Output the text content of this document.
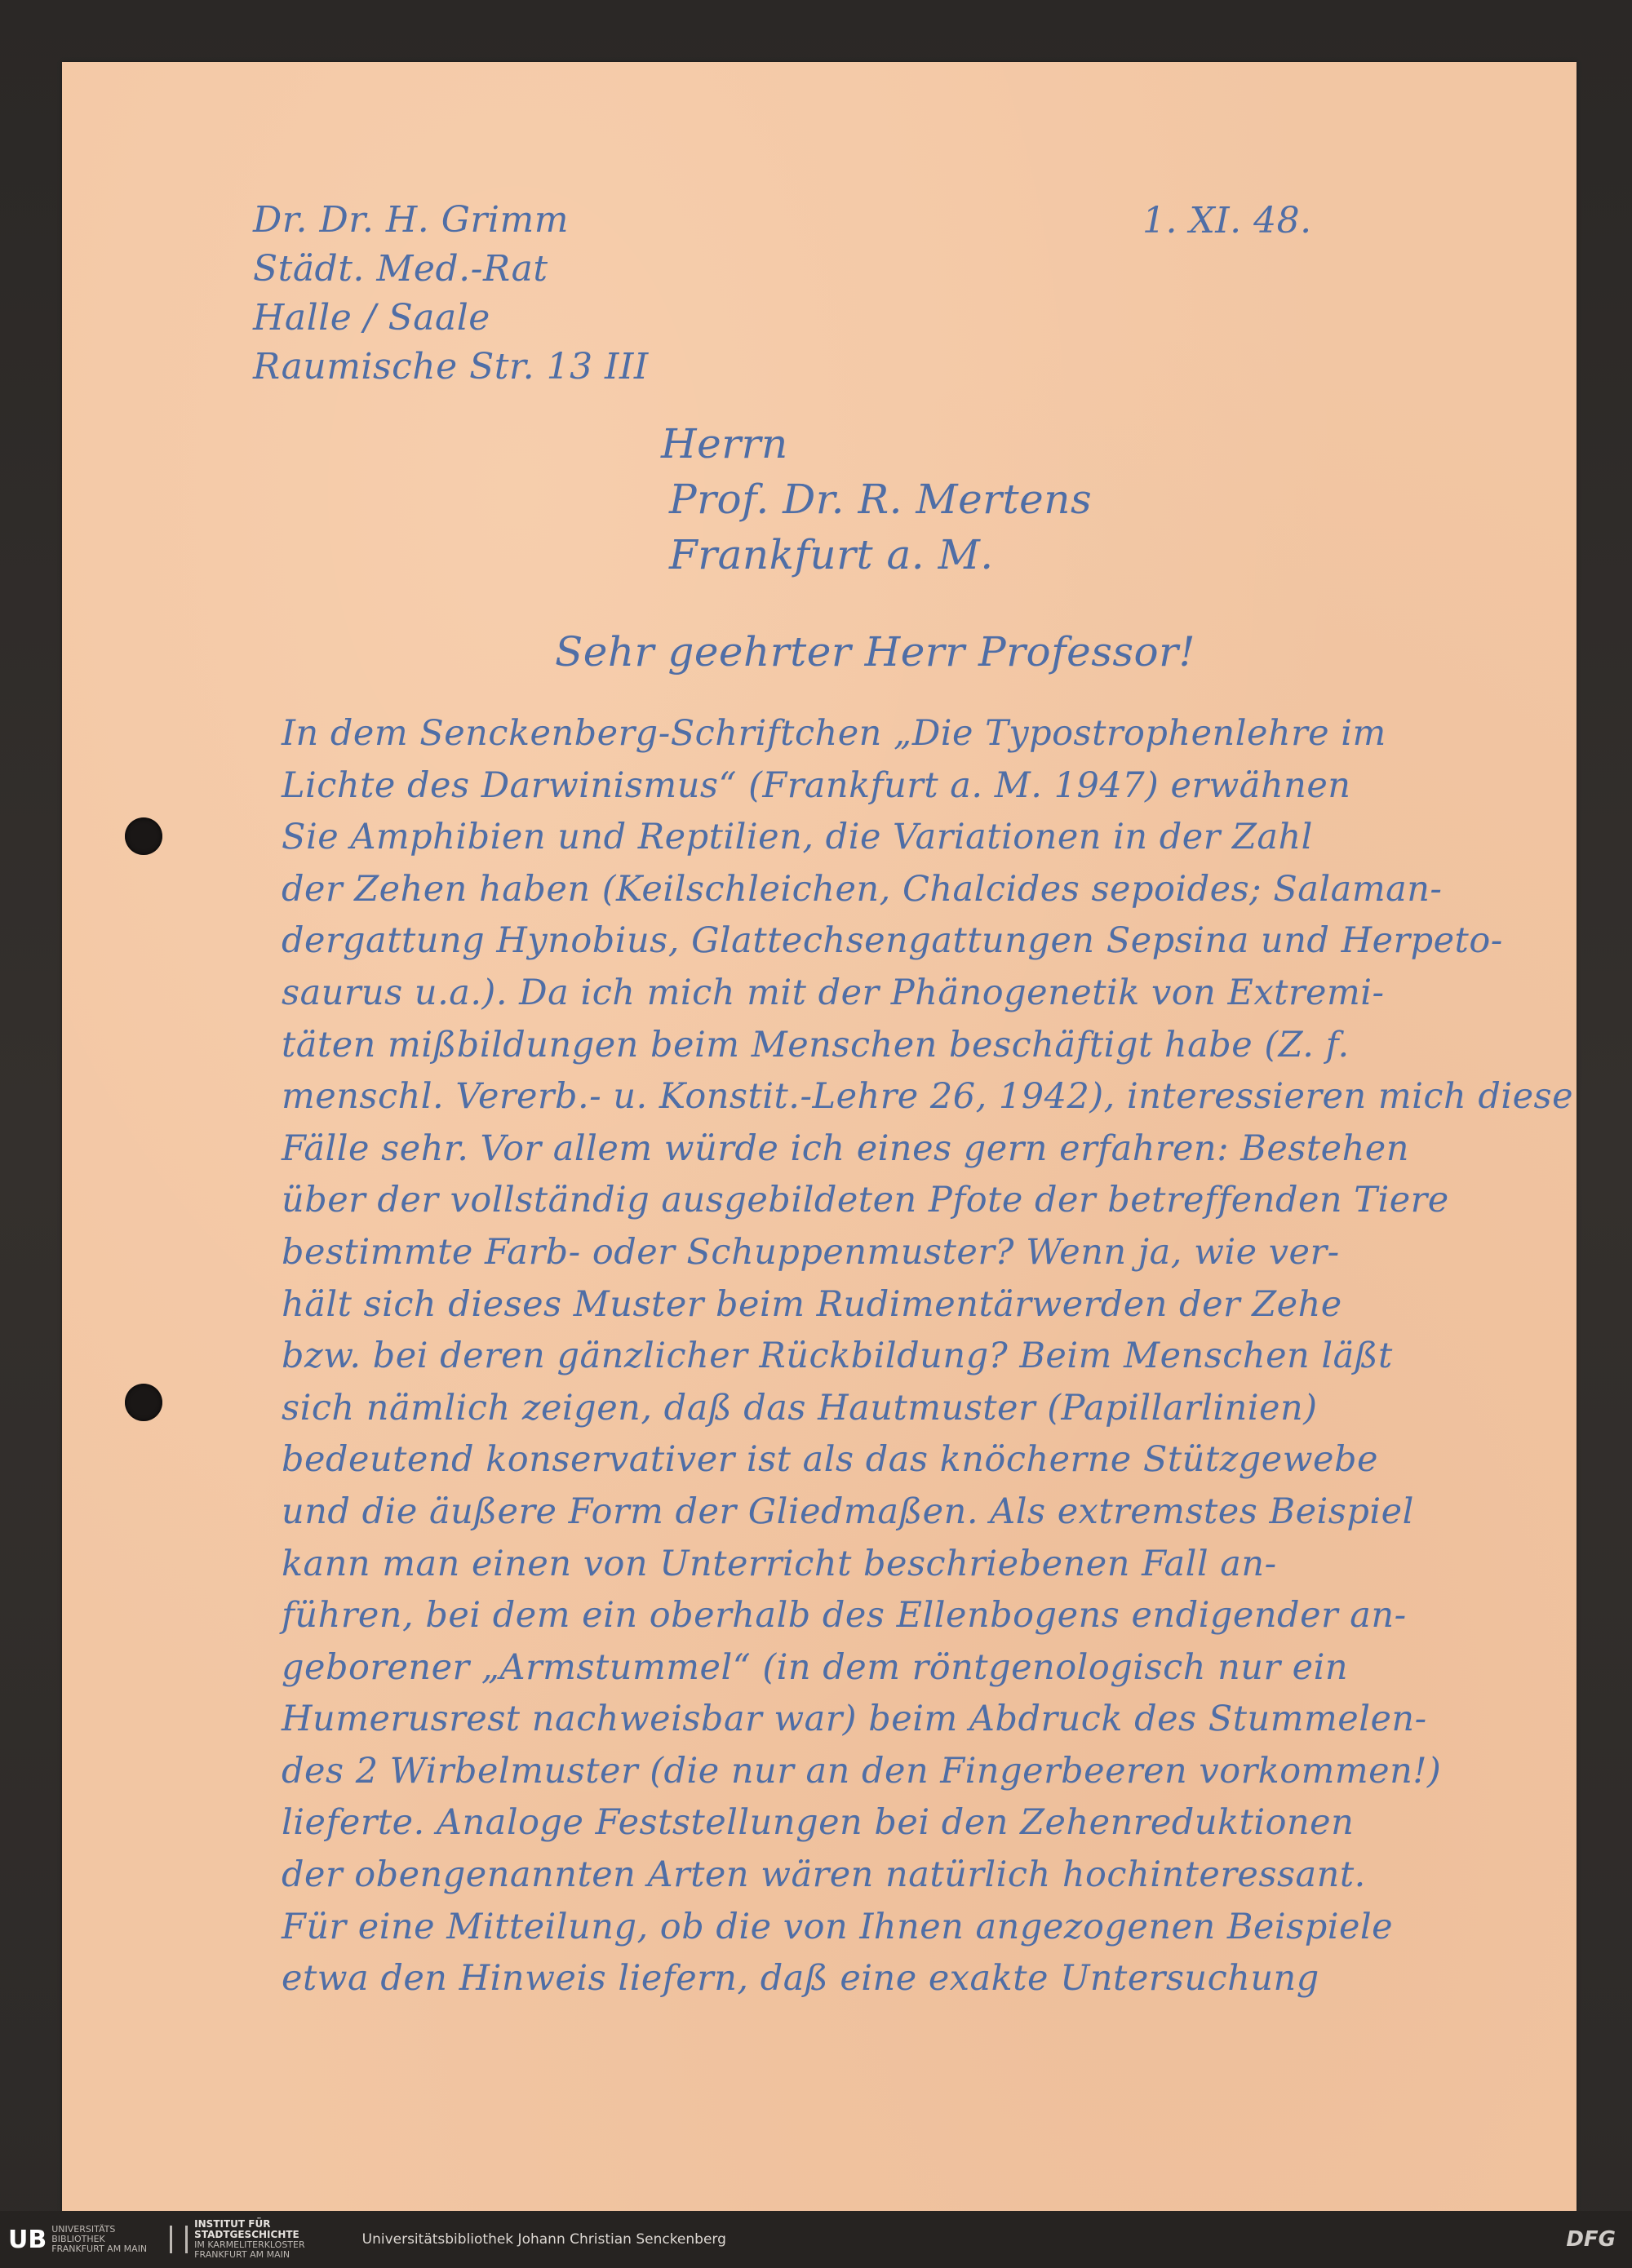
Dr. Dr. H. Grimm
Städt. Med.-Rat
Halle / Saale
Raumische Str. 13 III
1. XI. 48.
Herrn
Prof. Dr. R. Mertens
Frankfurt a. M.
Sehr geehrter Herr Professor!
In dem Senckenberg-Schriftchen „Die Typostrophenlehre im
Lichte des Darwinismus“ (Frankfurt a. M. 1947) erwähnen
Sie Amphibien und Reptilien, die Variationen in der Zahl
der Zehen haben (Keilschleichen, Chalcides sepoides; Salaman-
dergattung Hynobius, Glattechsengattungen Sepsina und Herpeto-
saurus u.a.). Da ich mich mit der Phänogenetik von Extremi-
täten mißbildungen beim Menschen beschäftigt habe (Z. f.
menschl. Vererb.- u. Konstit.-Lehre 26, 1942), interessieren mich diese
Fälle sehr. Vor allem würde ich eines gern erfahren: Bestehen
über der vollständig ausgebildeten Pfote der betreffenden Tiere
bestimmte Farb- oder Schuppenmuster? Wenn ja, wie ver-
hält sich dieses Muster beim Rudimentärwerden der Zehe
bzw. bei deren gänzlicher Rückbildung? Beim Menschen läßt
sich nämlich zeigen, daß das Hautmuster (Papillarlinien)
bedeutend konservativer ist als das knöcherne Stützgewebe
und die äußere Form der Gliedmaßen. Als extremstes Beispiel
kann man einen von Unterricht beschriebenen Fall an-
führen, bei dem ein oberhalb des Ellenbogens endigender an-
geborener „Armstummel“ (in dem röntgenologisch nur ein
Humerusrest nachweisbar war) beim Abdruck des Stummelen-
des 2 Wirbelmuster (die nur an den Fingerbeeren vorkommen!)
lieferte. Analoge Feststellungen bei den Zehenreduktionen
der obengenannten Arten wären natürlich hochinteressant.
Für eine Mitteilung, ob die von Ihnen angezogenen Beispiele
etwa den Hinweis liefern, daß eine exakte Untersuchung
UB UNIVERSITÄTS
BIBLIOTHEK
FRANKFURT AM MAIN
INSTITUT FÜR
STADTGESCHICHTE
IM KARMELITERKLOSTER
FRANKFURT AM MAIN
Universitätsbibliothek Johann Christian Senckenberg	DFG
